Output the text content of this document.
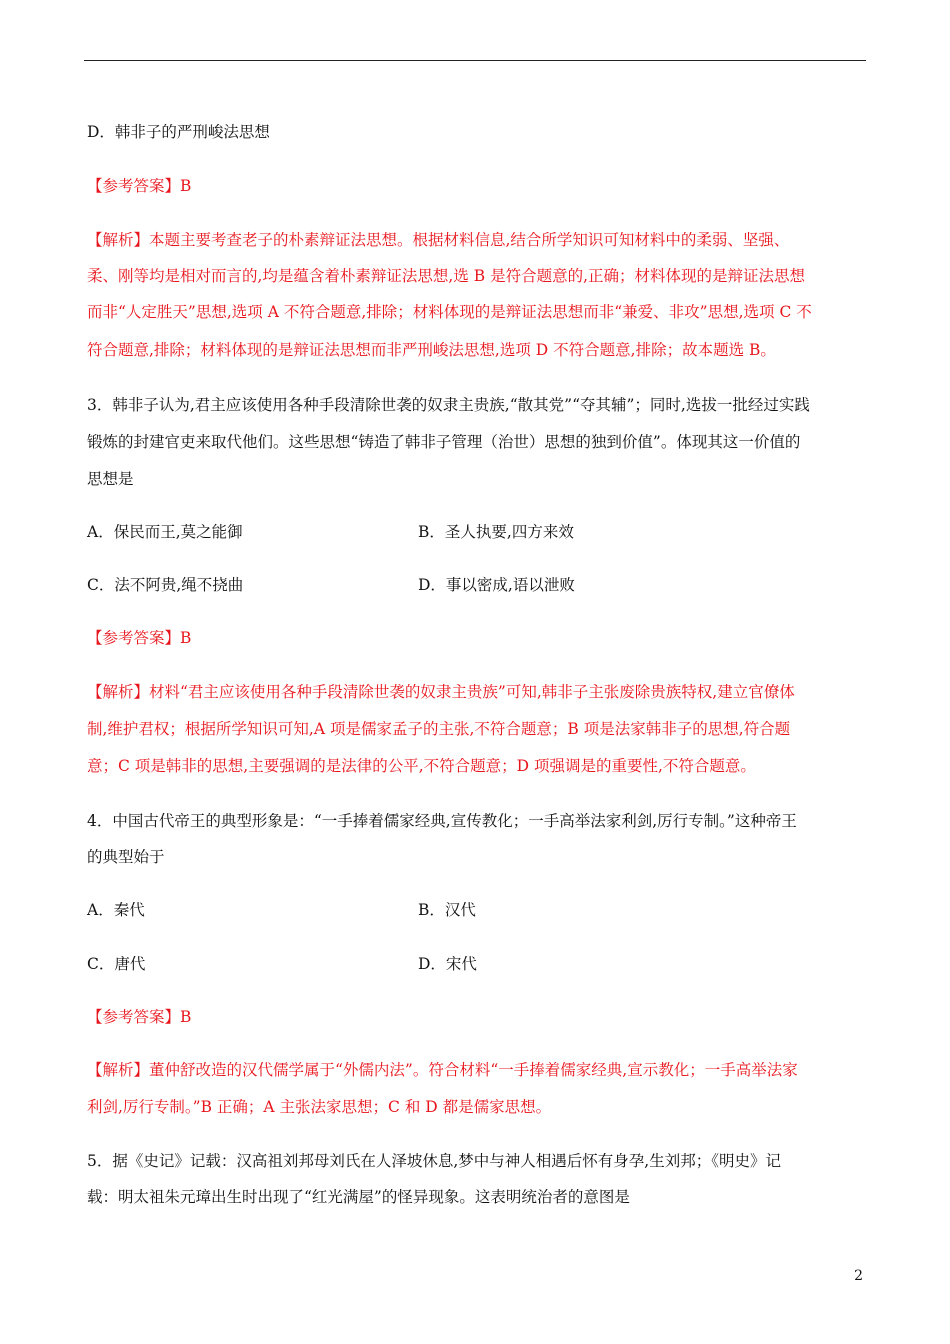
D．韩非子的严刑峻法思想
【参考答案】B
【解析】本题主要考查老子的朴素辩证法思想。根据材料信息,结合所学知识可知材料中的柔弱、坚强、
柔、刚等均是相对而言的,均是蕴含着朴素辩证法思想,选 B 是符合题意的,正确；材料体现的是辩证法思想
而非“人定胜天”思想,选项 A 不符合题意,排除；材料体现的是辩证法思想而非“兼爱、非攻”思想,选项 C 不
符合题意,排除；材料体现的是辩证法思想而非严刑峻法思想,选项 D 不符合题意,排除；故本题选 B。
3．韩非子认为,君主应该使用各种手段清除世袭的奴隶主贵族,“散其党”“夺其辅”；同时,选拔一批经过实践
锻炼的封建官吏来取代他们。这些思想“铸造了韩非子管理（治世）思想的独到价值”。体现其这一价值的
思想是
A．保民而王,莫之能御	B．圣人执要,四方来效
C．法不阿贵,绳不挠曲	D．事以密成,语以泄败
【参考答案】B
【解析】材料“君主应该使用各种手段清除世袭的奴隶主贵族”可知,韩非子主张废除贵族特权,建立官僚体
制,维护君权；根据所学知识可知,A 项是儒家孟子的主张,不符合题意；B 项是法家韩非子的思想,符合题
意；C 项是韩非的思想,主要强调的是法律的公平,不符合题意；D 项强调是的重要性,不符合题意。
4．中国古代帝王的典型形象是：“一手捧着儒家经典,宣传教化；一手高举法家利剑,厉行专制。”这种帝王
的典型始于
A．秦代	B．汉代
C．唐代	D．宋代
【参考答案】B
【解析】董仲舒改造的汉代儒学属于“外儒内法”。符合材料“一手捧着儒家经典,宣示教化；一手高举法家
利剑,厉行专制。”B 正确；A 主张法家思想；C 和 D 都是儒家思想。
5．据《史记》记载：汉高祖刘邦母刘氏在人泽坡休息,梦中与神人相遇后怀有身孕,生刘邦；《明史》记
载：明太祖朱元璋出生时出现了“红光满屋”的怪异现象。这表明统治者的意图是
2
